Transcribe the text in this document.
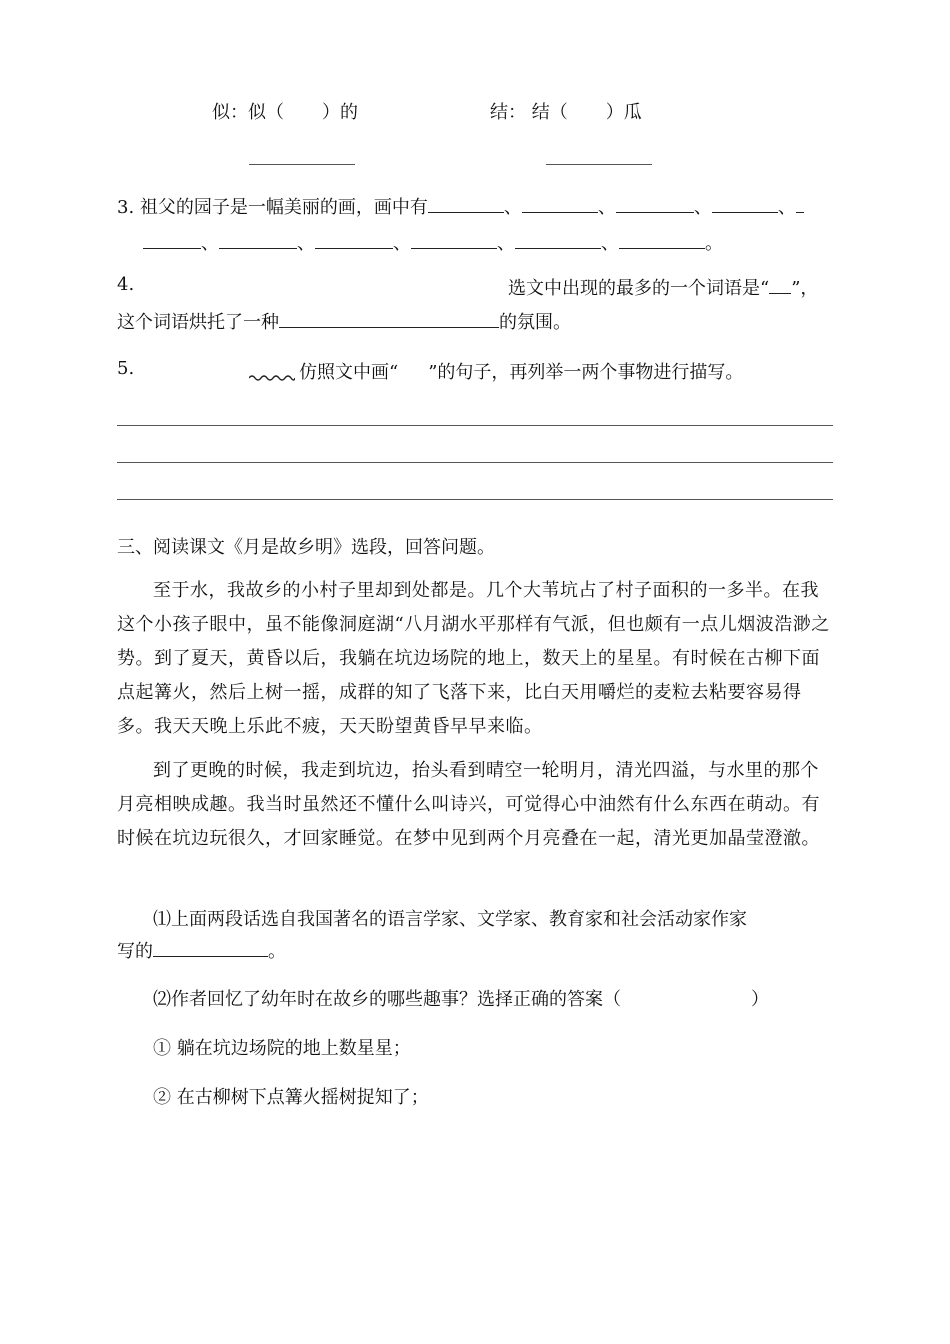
似：似（ ）的	结： 结（ ）瓜
3. 祖父的园子是一幅美丽的画，画中有	、	、	、	、
、	、	、	、	、	。
4.	选文中出现的最多的一个词语是“ ”，
这个词语烘托了一种	的氛围。
5.	仿照文中画“ ”的句子，再列举一两个事物进行描写。
三、阅读课文《月是故乡明》选段，回答问题。
至于水，我故乡的小村子里却到处都是。几个大苇坑占了村子面积的一多半。在我这个小孩子眼中，虽不能像洞庭湖“八月湖水平那样有气派，但也颇有一点儿烟波浩渺之势。到了夏天，黄昏以后，我躺在坑边场院的地上，数天上的星星。有时候在古柳下面点起篝火，然后上树一摇，成群的知了飞落下来，比白天用嚼烂的麦粒去粘要容易得多。我天天晚上乐此不疲，天天盼望黄昏早早来临。
到了更晚的时候，我走到坑边，抬头看到晴空一轮明月，清光四溢，与水里的那个月亮相映成趣。我当时虽然还不懂什么叫诗兴，可觉得心中油然有什么东西在萌动。有时候在坑边玩很久，才回家睡觉。在梦中见到两个月亮叠在一起，清光更加晶莹澄澈。
⑴上面两段话选自我国著名的语言学家、文学家、教育家和社会活动家作家
写的	。
⑵作者回忆了幼年时在故乡的哪些趣事？选择正确的答案（	）
① 躺在坑边场院的地上数星星；
② 在古柳树下点篝火摇树捉知了；
